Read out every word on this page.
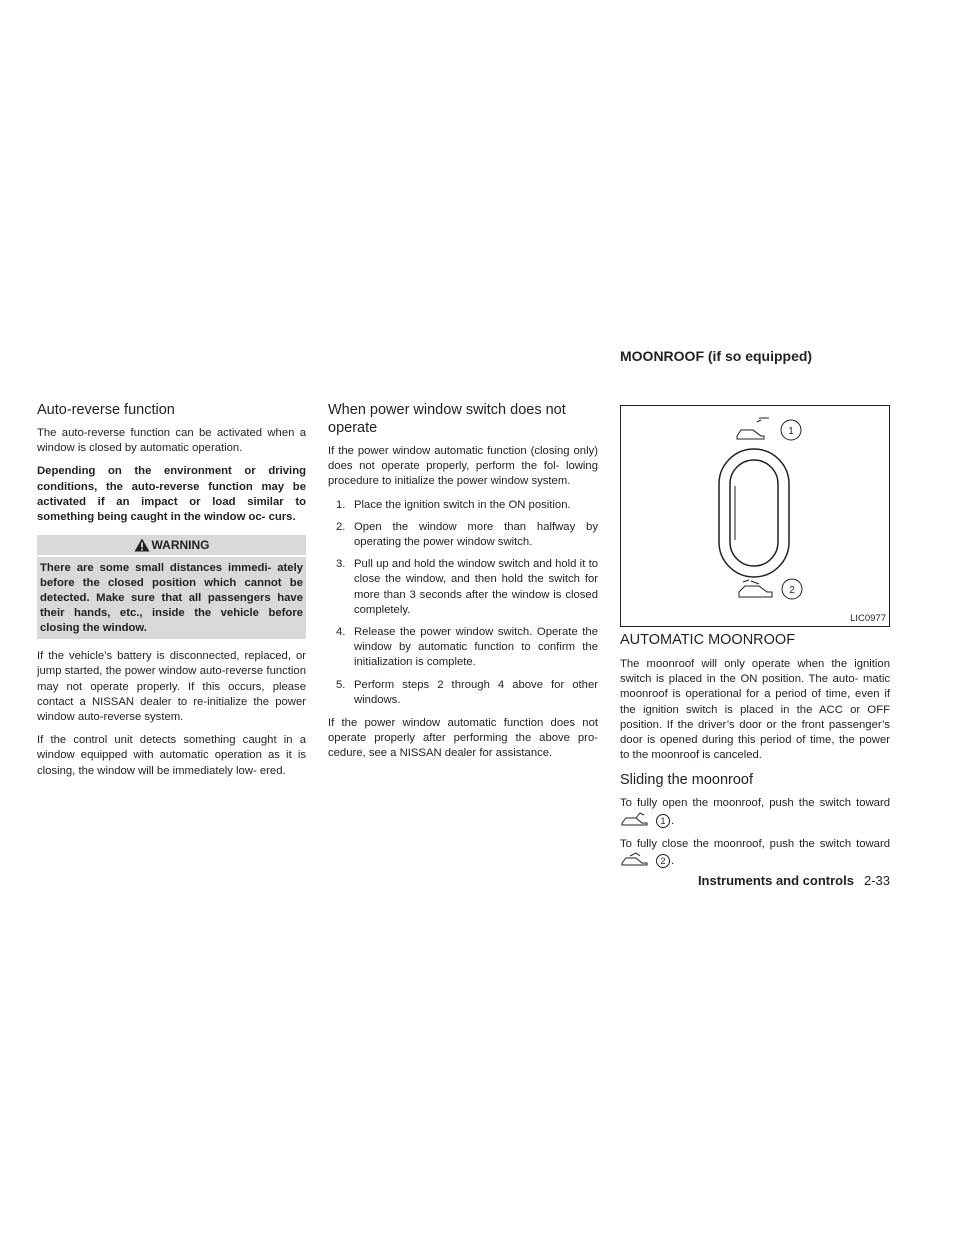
Auto-reverse function

The auto-reverse function can be activated when a window is closed by automatic operation.

Depending on the environment or driving conditions, the auto-reverse function may be activated if an impact or load similar to something being caught in the window oc- curs.

WARNING
There are some small distances immedi- ately before the closed position which cannot be detected. Make sure that all passengers have their hands, etc., inside the vehicle before closing the window.

If the vehicle’s battery is disconnected, replaced, or jump started, the power window auto-reverse function may not operate properly. If this occurs, please contact a NISSAN dealer to re-initialize the power window auto-reverse system.

If the control unit detects something caught in a window equipped with automatic operation as it is closing, the window will be immediately low- ered.

When power window switch does not operate

If the power window automatic function (closing only) does not operate properly, perform the fol- lowing procedure to initialize the power window system.

1. Place the ignition switch in the ON position.
2. Open the window more than halfway by operating the power window switch.
3. Pull up and hold the window switch and hold it to close the window, and then hold the switch for more than 3 seconds after the window is closed completely.
4. Release the power window switch. Operate the window by automatic function to confirm the initialization is complete.
5. Perform steps 2 through 4 above for other windows.

If the power window automatic function does not operate properly after performing the above pro- cedure, see a NISSAN dealer for assistance.

MOONROOF (if so equipped)
1
2
LIC0977
AUTOMATIC MOONROOF

The moonroof will only operate when the ignition switch is placed in the ON position. The auto- matic moonroof is operational for a period of time, even if the ignition switch is placed in the ACC or OFF position. If the driver’s door or the front passenger’s door is opened during this period of time, the power to the moonroof is canceled.

Sliding the moonroof

To fully open the moonroof, push the switch toward 1 .

To fully close the moonroof, push the switch toward 2 .

Instruments and controls 2-33
